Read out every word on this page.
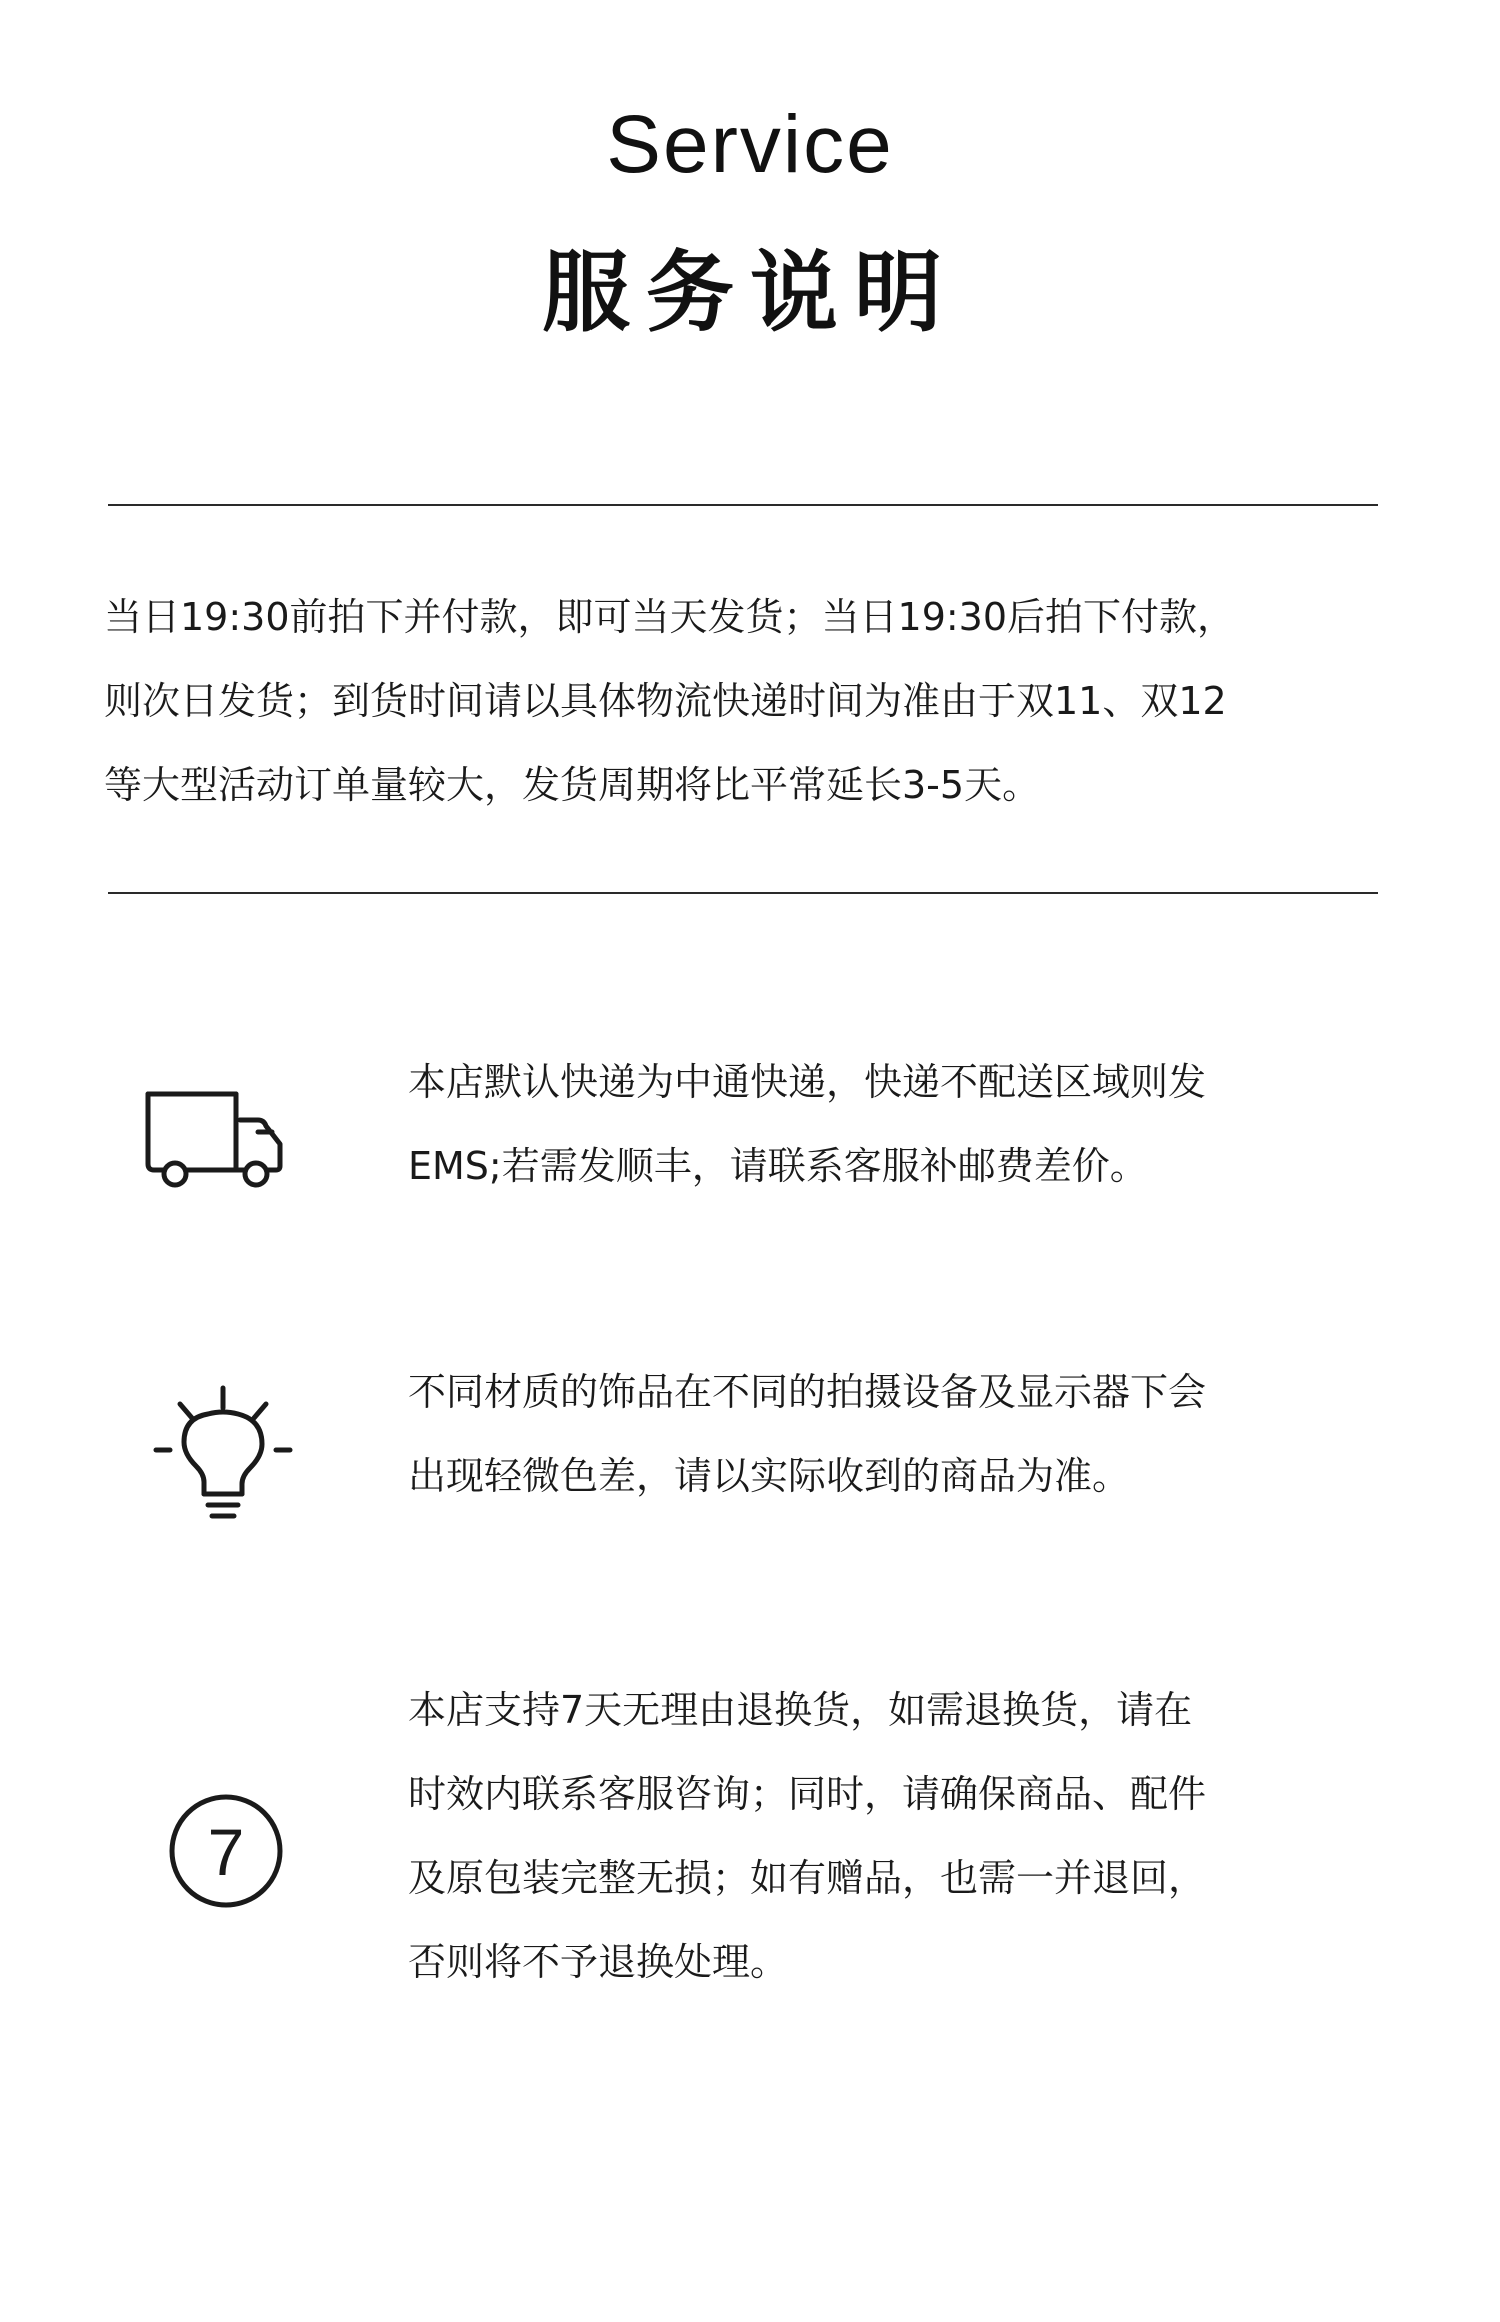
Service
服务说明

当日19:30前拍下并付款，即可当天发货；当日19:30后拍下付款，
则次日发货；到货时间请以具体物流快递时间为准由于双11、双12
等大型活动订单量较大，发货周期将比平常延长3-5天。

本店默认快递为中通快递，快递不配送区域则发
EMS;若需发顺丰，请联系客服补邮费差价。

不同材质的饰品在不同的拍摄设备及显示器下会
出现轻微色差，请以实际收到的商品为准。

7

本店支持7天无理由退换货，如需退换货，请在
时效内联系客服咨询；同时，请确保商品、配件
及原包装完整无损；如有赠品，也需一并退回，
否则将不予退换处理。
